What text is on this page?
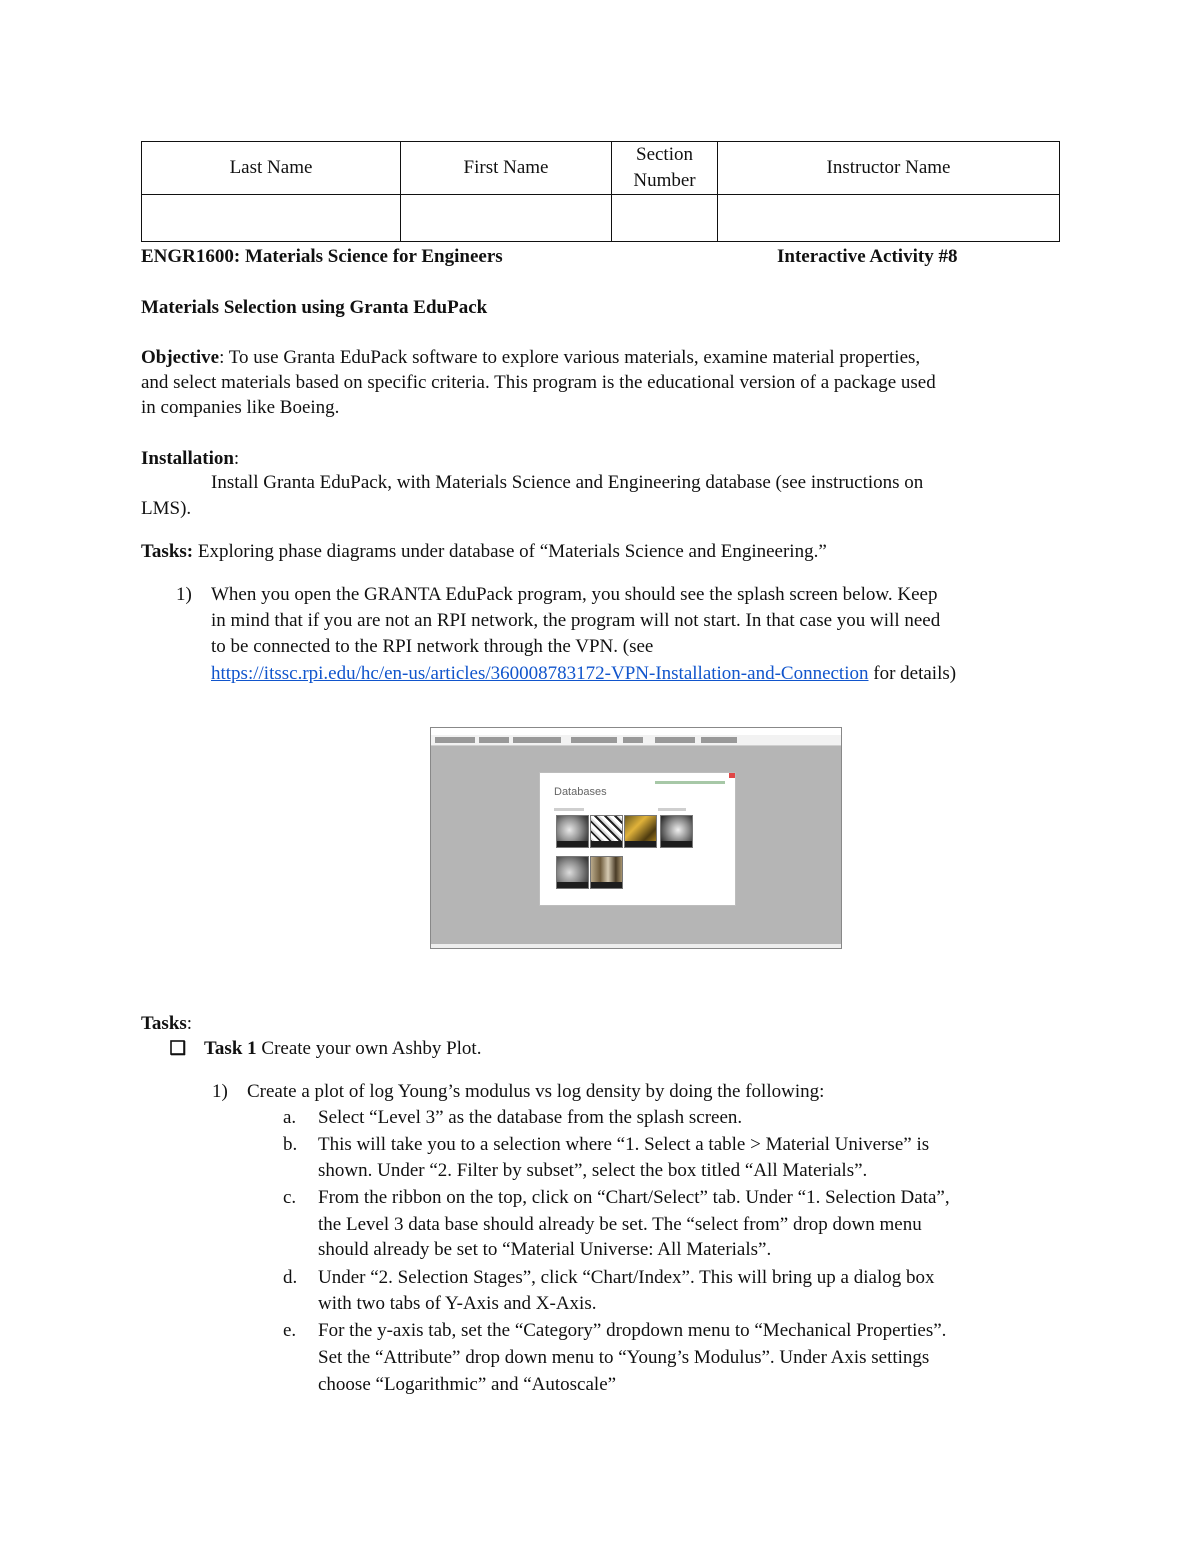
Last Name	First Name	Section Number	Instructor Name

ENGR1600: Materials Science for Engineers	Interactive Activity #8
Materials Selection using Granta EduPack
Objective: To use Granta EduPack software to explore various materials, examine material properties,
and select materials based on specific criteria. This program is the educational version of a package used
in companies like Boeing.
Installation:
Install Granta EduPack, with Materials Science and Engineering database (see instructions on
LMS).
Tasks: Exploring phase diagrams under database of “Materials Science and Engineering.”
1) When you open the GRANTA EduPack program, you should see the splash screen below. Keep
in mind that if you are not an RPI network, the program will not start. In that case you will need
to be connected to the RPI network through the VPN. (see
https://itssc.rpi.edu/hc/en-us/articles/360008783172-VPN-Installation-and-Connection for details)
Databases
Tasks:
Task 1 Create your own Ashby Plot.
1) Create a plot of log Young’s modulus vs log density by doing the following:
a. Select “Level 3” as the database from the splash screen.
b. This will take you to a selection where “1. Select a table > Material Universe” is
shown. Under “2. Filter by subset”, select the box titled “All Materials”.
c. From the ribbon on the top, click on “Chart/Select” tab. Under “1. Selection Data”,
the Level 3 data base should already be set. The “select from” drop down menu
should already be set to “Material Universe: All Materials”.
d. Under “2. Selection Stages”, click “Chart/Index”. This will bring up a dialog box
with two tabs of Y-Axis and X-Axis.
e. For the y-axis tab, set the “Category” dropdown menu to “Mechanical Properties”.
Set the “Attribute” drop down menu to “Young’s Modulus”. Under Axis settings
choose “Logarithmic” and “Autoscale”
